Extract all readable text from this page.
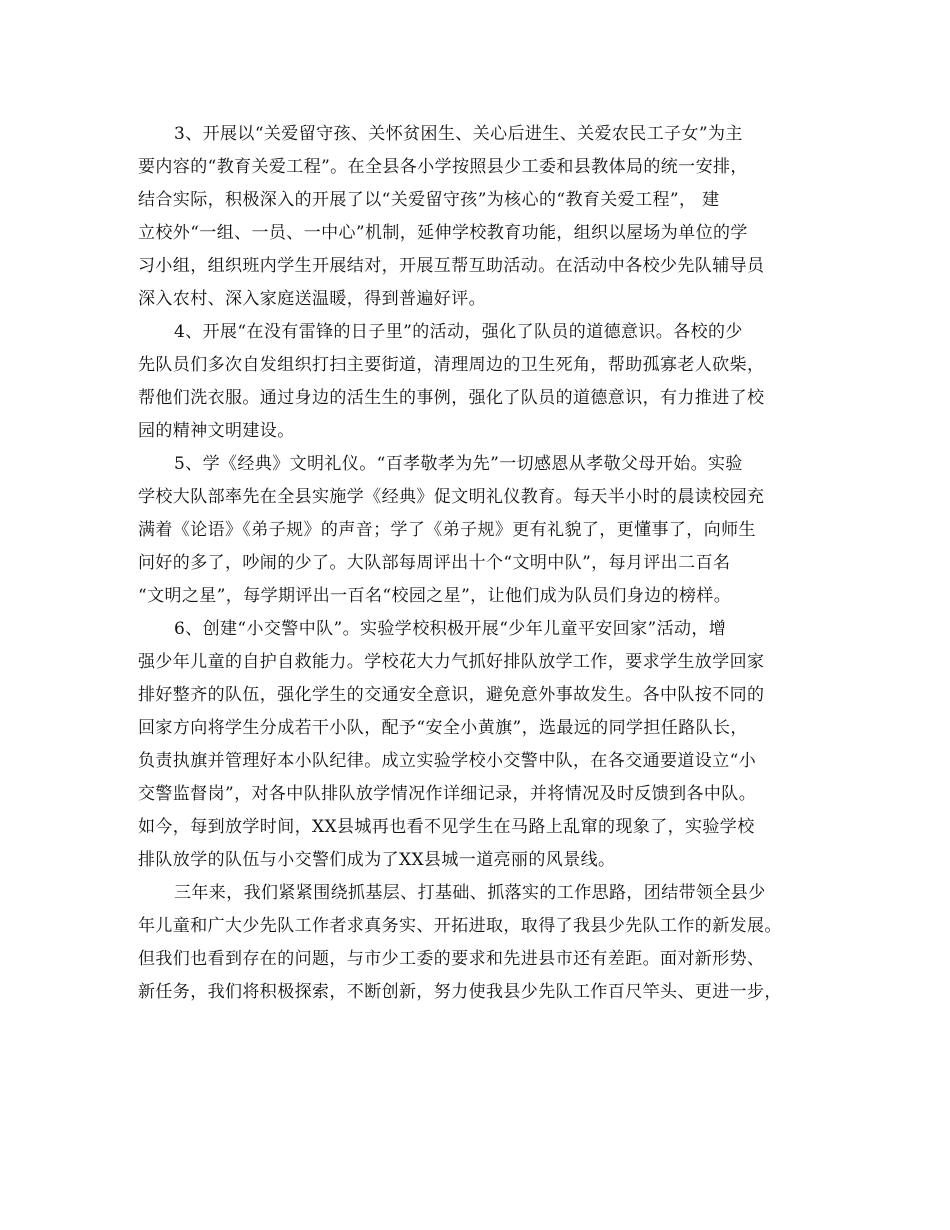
3、开展以“关爱留守孩、关怀贫困生、关心后进生、关爱农民工子女”为主
要内容的“教育关爱工程”。在全县各小学按照县少工委和县教体局的统一安排，
结合实际，积极深入的开展了以“关爱留守孩”为核心的“教育关爱工程”， 建
立校外“一组、一员、一中心”机制，延伸学校教育功能，组织以屋场为单位的学
习小组，组织班内学生开展结对，开展互帮互助活动。在活动中各校少先队辅导员
深入农村、深入家庭送温暖，得到普遍好评。

4、开展“在没有雷锋的日子里”的活动，强化了队员的道德意识。各校的少
先队员们多次自发组织打扫主要街道，清理周边的卫生死角，帮助孤寡老人砍柴，
帮他们洗衣服。通过身边的活生生的事例，强化了队员的道德意识，有力推进了校
园的精神文明建设。

5、学《经典》文明礼仪。“百孝敬孝为先”一切感恩从孝敬父母开始。实验
学校大队部率先在全县实施学《经典》促文明礼仪教育。每天半小时的晨读校园充
满着《论语》《弟子规》的声音；学了《弟子规》更有礼貌了，更懂事了，向师生
问好的多了，吵闹的少了。大队部每周评出十个“文明中队”，每月评出二百名
“文明之星”，每学期评出一百名“校园之星”，让他们成为队员们身边的榜样。

6、创建“小交警中队”。实验学校积极开展“少年儿童平安回家”活动，增
强少年儿童的自护自救能力。学校花大力气抓好排队放学工作，要求学生放学回家
排好整齐的队伍，强化学生的交通安全意识，避免意外事故发生。各中队按不同的
回家方向将学生分成若干小队，配予“安全小黄旗”，选最远的同学担任路队长，
负责执旗并管理好本小队纪律。成立实验学校小交警中队，在各交通要道设立“小
交警监督岗”，对各中队排队放学情况作详细记录，并将情况及时反馈到各中队。
如今，每到放学时间，XX县城再也看不见学生在马路上乱窜的现象了，实验学校
排队放学的队伍与小交警们成为了XX县城一道亮丽的风景线。

三年来，我们紧紧围绕抓基层、打基础、抓落实的工作思路，团结带领全县少
年儿童和广大少先队工作者求真务实、开拓进取，取得了我县少先队工作的新发展。
但我们也看到存在的问题，与市少工委的要求和先进县市还有差距。面对新形势、
新任务，我们将积极探索，不断创新，努力使我县少先队工作百尺竿头、更进一步，
